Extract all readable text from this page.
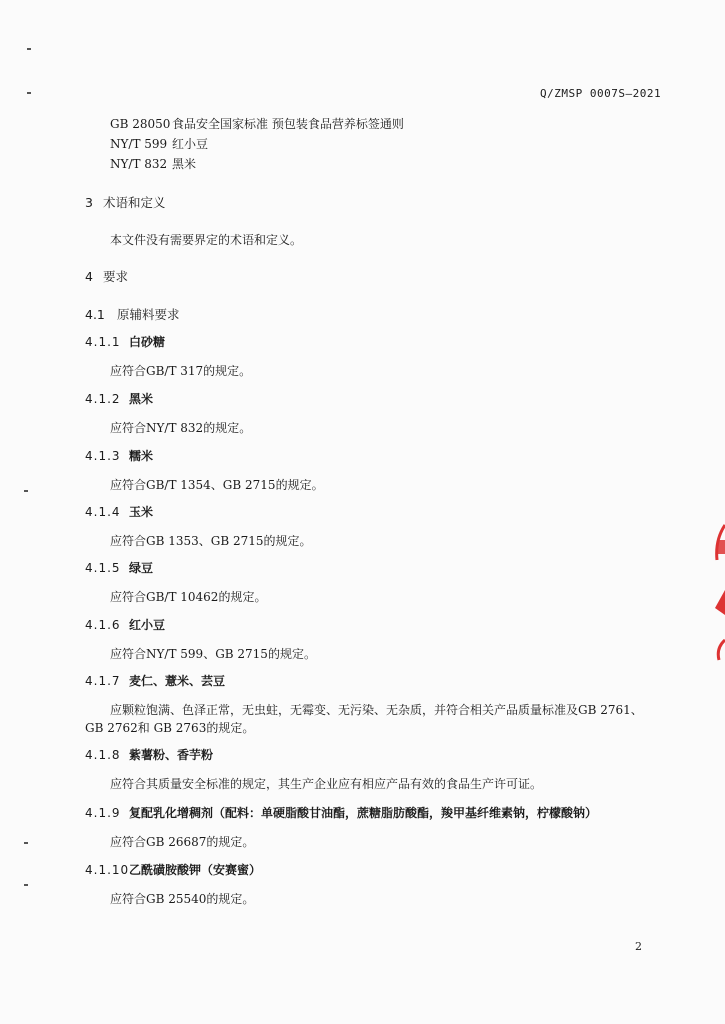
Q/ZMSP 0007S—2021
GB 28050 食品安全国家标准 预包装食品营养标签通则
NY/T 599 红小豆
NY/T 832 黑米
3 术语和定义
本文件没有需要界定的术语和定义。
4 要求
4.1 原辅料要求
4.1.1 白砂糖
应符合GB/T 317的规定。
4.1.2 黑米
应符合NY/T 832的规定。
4.1.3 糯米
应符合GB/T 1354、GB 2715的规定。
4.1.4 玉米
应符合GB 1353、GB 2715的规定。
4.1.5 绿豆
应符合GB/T 10462的规定。
4.1.6 红小豆
应符合NY/T 599、GB 2715的规定。
4.1.7 麦仁、薏米、芸豆
应颗粒饱满、色泽正常，无虫蛀，无霉变、无污染、无杂质，并符合相关产品质量标准及GB 2761、
GB 2762和 GB 2763的规定。
4.1.8 紫薯粉、香芋粉
应符合其质量安全标准的规定，其生产企业应有相应产品有效的食品生产许可证。
4.1.9 复配乳化增稠剂（配料：单硬脂酸甘油酯，蔗糖脂肪酸酯，羧甲基纤维素钠，柠檬酸钠）
应符合GB 26687的规定。
4.1.10乙酰磺胺酸钾（安赛蜜）
应符合GB 25540的规定。
2
